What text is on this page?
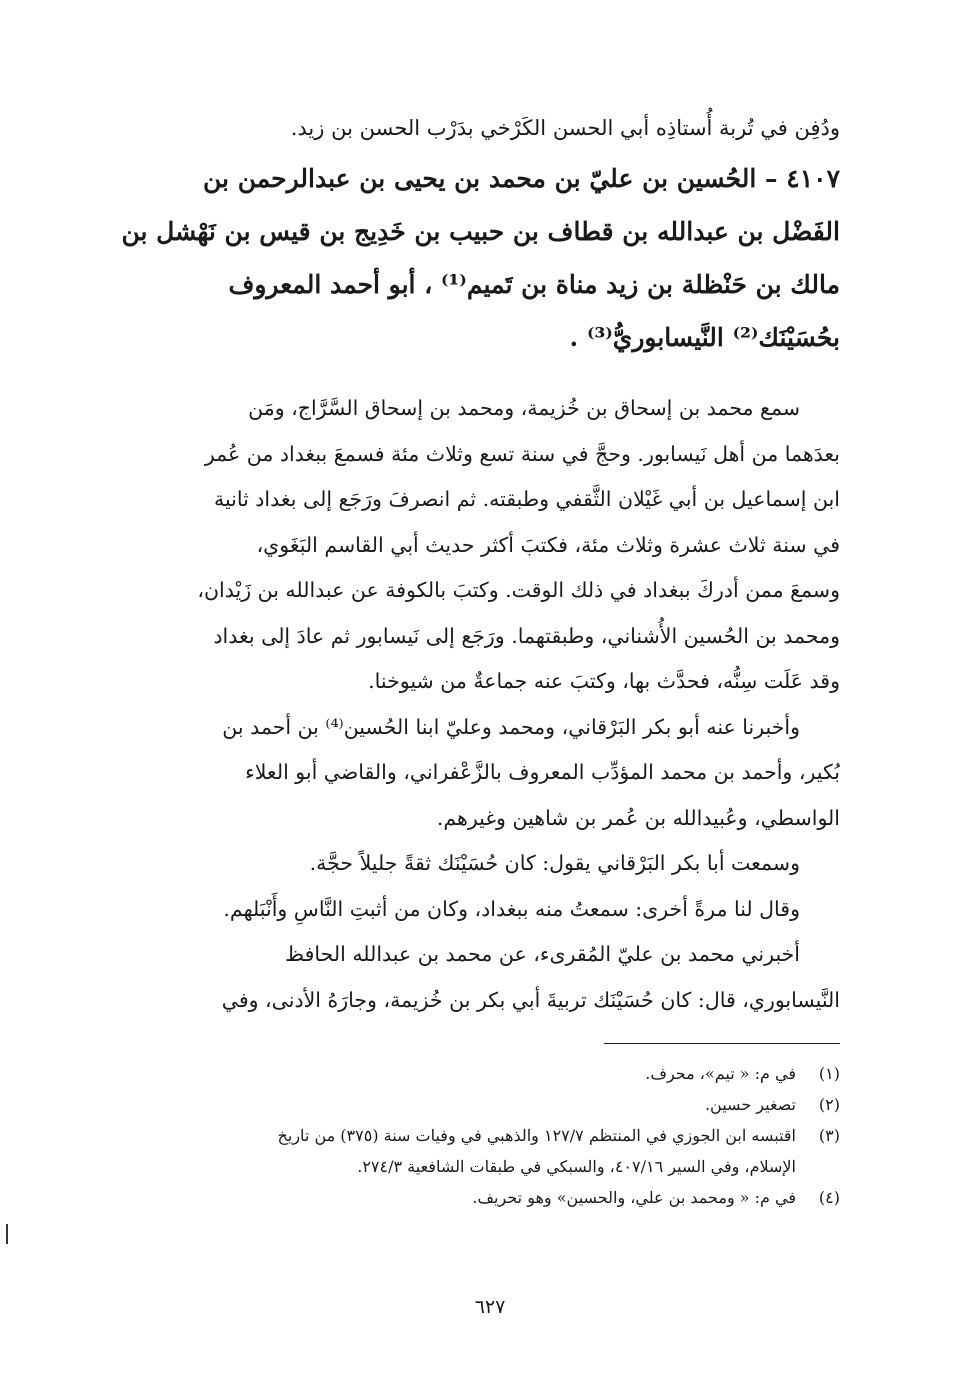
ودُفِن في تُربة أُستاذِه أبي الحسن الكَرْخي بدَرْب الحسن بن زيد.

٤١٠٧ – الحُسين بن عليّ بن محمد بن يحيى بن عبدالرحمن بن

الفَضْل بن عبدالله بن قطاف بن حبيب بن خَدِيج بن قيس بن نَهْشل بن

مالك بن حَنْظلة بن زيد مناة بن تَميم⁽¹⁾ ، أبو أحمد المعروف

بحُسَيْنَك⁽²⁾ النَّيسابوريُّ⁽³⁾ .

سمع محمد بن إسحاق بن خُزيمة، ومحمد بن إسحاق السَّرَّاج، ومَن

بعدَهما من أهل نَيسابور. وحجَّ في سنة تسع وثلاث مئة فسمعَ ببغداد من عُمر

ابن إسماعيل بن أبي غَيْلان الثَّقفي وطبقته. ثم انصرفَ ورَجَع إلى بغداد ثانية

في سنة ثلاث عشرة وثلاث مئة، فكتبَ أكثر حديث أبي القاسم البَغَوي،

وسمعَ ممن أدركَ ببغداد في ذلك الوقت. وكتبَ بالكوفة عن عبدالله بن زَيْدان،

ومحمد بن الحُسين الأُشناني، وطبقتهما. ورَجَع إلى نَيسابور ثم عادَ إلى بغداد

وقد عَلَت سِنُّه، فحدَّث بها، وكتبَ عنه جماعةٌ من شيوخنا.

وأخبرنا عنه أبو بكر البَرْقاني، ومحمد وعليّ ابنا الحُسين⁽⁴⁾ بن أحمد بن

بُكير، وأحمد بن محمد المؤدِّب المعروف بالزَّعْفراني، والقاضي أبو العلاء

الواسطي، وعُبيدالله بن عُمر بن شاهين وغيرهم.

وسمعت أبا بكر البَرْقاني يقول: كان حُسَيْنَك ثقةً جليلاً حجَّة.

وقال لنا مرةً أخرى: سمعتُ منه ببغداد، وكان من أثبتِ النَّاسِ وأَنْبَلهم.

أخبرني محمد بن عليّ المُقرىء، عن محمد بن عبدالله الحافظ

النَّيسابوري، قال: كان حُسَيْنَك تربيةَ أبي بكر بن خُزيمة، وجارَهُ الأدنى، وفي

(١)
في م: « تيم»، محرف.
(٢)
تصغير حسين.
(٣)
اقتبسه ابن الجوزي في المنتظم ١٢٧/٧ والذهبي في وفيات سنة (٣٧٥) من تاريخ
الإسلام، وفي السير ٤٠٧/١٦، والسبكي في طبقات الشافعية ٢٧٤/٣.
(٤)
في م: « ومحمد بن علي، والحسين» وهو تحريف.
٦٢٧
